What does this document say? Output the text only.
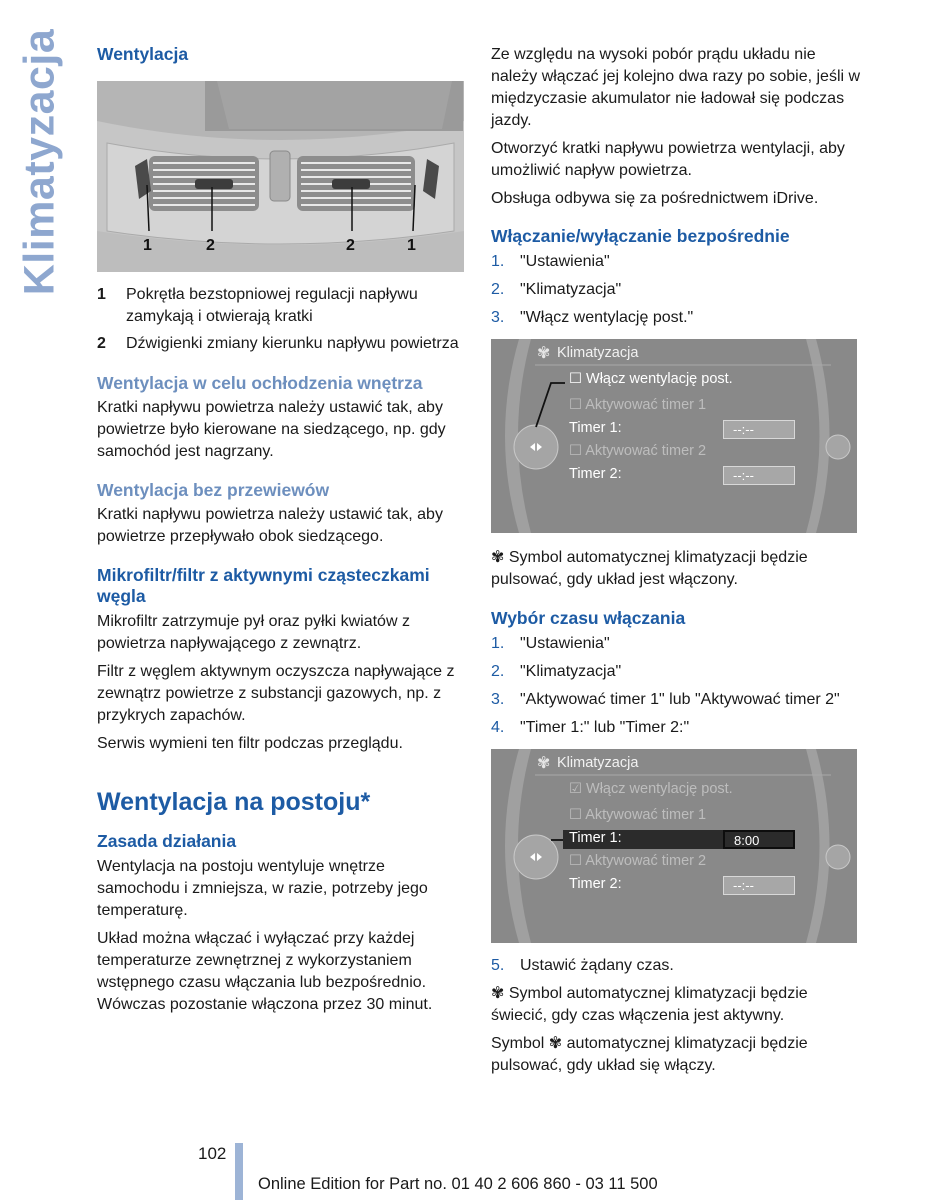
Klimatyzacja Wentylacja
1	2	2	1
1	Pokrętła bezstopniowej regulacji napływu zamykają i otwierają kratki
2	Dźwigienki zmiany kierunku napływu powietrza
Wentylacja w celu ochłodzenia wnętrza

Kratki napływu powietrza należy ustawić tak, aby powietrze było kierowane na siedzącego, np. gdy samochód jest nagrzany.

Wentylacja bez przewiewów

Kratki napływu powietrza należy ustawić tak, aby powietrze przepływało obok siedzącego.

Mikrofiltr/filtr z aktywnymi cząsteczkami węgla

Mikrofiltr zatrzymuje pył oraz pyłki kwiatów z powietrza napływającego z zewnątrz.

Filtr z węglem aktywnym oczyszcza napływające z zewnątrz powietrze z substancji gazowych, np. z przykrych zapachów.

Serwis wymieni ten filtr podczas przeglądu.

Wentylacja na postoju*
Zasada działania

Wentylacja na postoju wentyluje wnętrze samochodu i zmniejsza, w razie, potrzeby jego temperaturę.

Układ można włączać i wyłączać przy każdej temperaturze zewnętrznej z wykorzystaniem wstępnego czasu włączania lub bezpośrednio. Wówczas pozostanie włączona przez 30 minut.

Ze względu na wysoki pobór prądu układu nie należy włączać jej kolejno dwa razy po sobie, jeśli w międzyczasie akumulator nie ładował się podczas jazdy.

Otworzyć kratki napływu powietrza wentylacji, aby umożliwić napływ powietrza.

Obsługa odbywa się za pośrednictwem iDrive.

Włączanie/wyłączanie bezpośrednie
1. "Ustawienia"
2. "Klimatyzacja"
3. "Włącz wentylację post."
Klimatyzacja
✾
☐ Włącz wentylację post.
☐ Aktywować timer 1
Timer 1:	--:--
☐ Aktywować timer 2
Timer 2:	--:--

✾ Symbol automatycznej klimatyzacji będzie pulsować, gdy układ jest włączony.

Wybór czasu włączania
1. "Ustawienia"
2. "Klimatyzacja"
3. "Aktywować timer 1" lub "Aktywować timer 2"
4. "Timer 1:" lub "Timer 2:"
Klimatyzacja
✾
☑ Włącz wentylację post.
☐ Aktywować timer 1
Timer 1:	8:00
☐ Aktywować timer 2
Timer 2:	--:--
5. Ustawić żądany czas.

✾ Symbol automatycznej klimatyzacji będzie świecić, gdy czas włączenia jest aktywny.

Symbol ✾ automatycznej klimatyzacji będzie pulsować, gdy układ się włączy.

102
Online Edition for Part no. 01 40 2 606 860 - 03 11 500
